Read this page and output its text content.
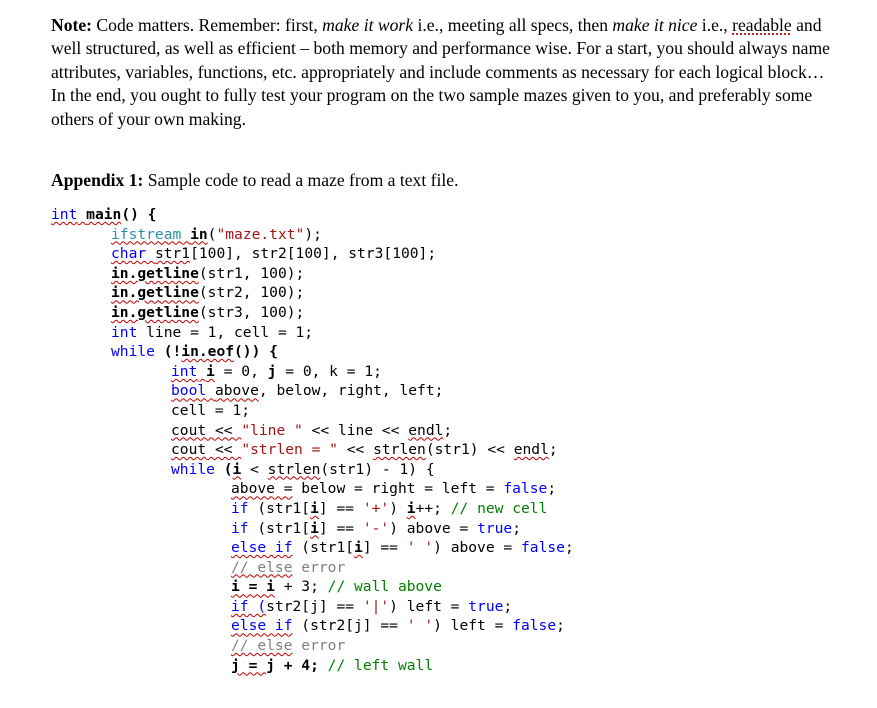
Note: Code matters. Remember: first, make it work i.e., meeting all specs, then make it nice i.e., readable and well structured, as well as efficient – both memory and performance wise. For a start, you should always name attributes, variables, functions, etc. appropriately and include comments as necessary for each logical block… In the end, you ought to fully test your program on the two sample mazes given to you, and preferably some others of your own making.

Appendix 1: Sample code to read a maze from a text file.

int main() {
ifstream in("maze.txt");
char str1[100], str2[100], str3[100];
in.getline(str1, 100);
in.getline(str2, 100);
in.getline(str3, 100);
int line = 1, cell = 1;
while (!in.eof()) {
int i = 0, j = 0, k = 1;
bool above, below, right, left;
cell = 1;
cout << "line " << line << endl;
cout << "strlen = " << strlen(str1) << endl;
while (i < strlen(str1) - 1) {
above = below = right = left = false;
if (str1[i] == '+') i++; // new cell
if (str1[i] == '-') above = true;
else if (str1[i] == ' ') above = false;
// else error
i = i + 3; // wall above
if (str2[j] == '|') left = true;
else if (str2[j] == ' ') left = false;
// else error
j = j + 4; // left wall
